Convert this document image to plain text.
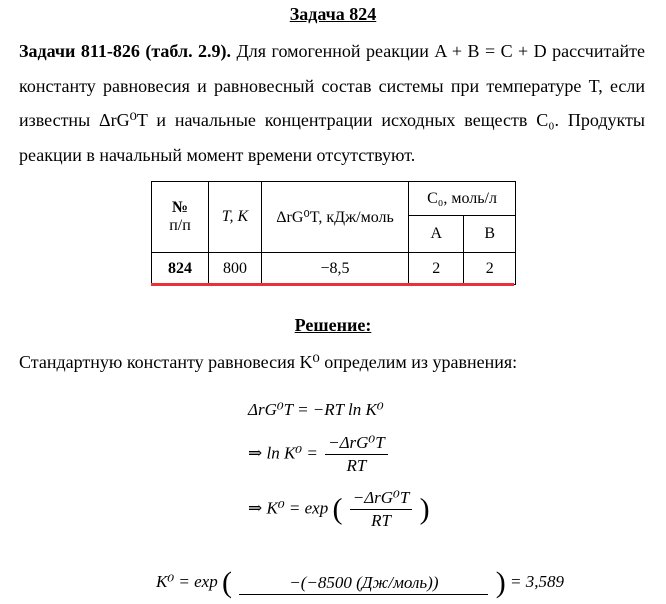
Задача 824
Задачи 811-826 (табл. 2.9). Для гомогенной реакции A + B = C + D рассчитайте константу равновесия и равновесный состав системы при температуре T, если известны ΔrG⁰T и начальные концентрации исходных веществ C₀. Продукты реакции в начальный момент времени отсутствуют.
№
п/п	T, K	ΔrG⁰T, кДж/моль	C₀, моль/л	
			A	B
824	800	−8,5	2	2
Решение:
Стандартную константу равновесия K⁰ определим из уравнения:
ΔrG⁰T = −RT ln K⁰
⇒ $\ln K^0 = \frac{\text{−ΔrG⁰T}}{RT}$
⇒ K⁰ = exp ( $\frac{\text{−ΔrG⁰T}}{RT}$ )
K⁰ = exp (	−(−8500 (Дж/моль))	) = 3,589
